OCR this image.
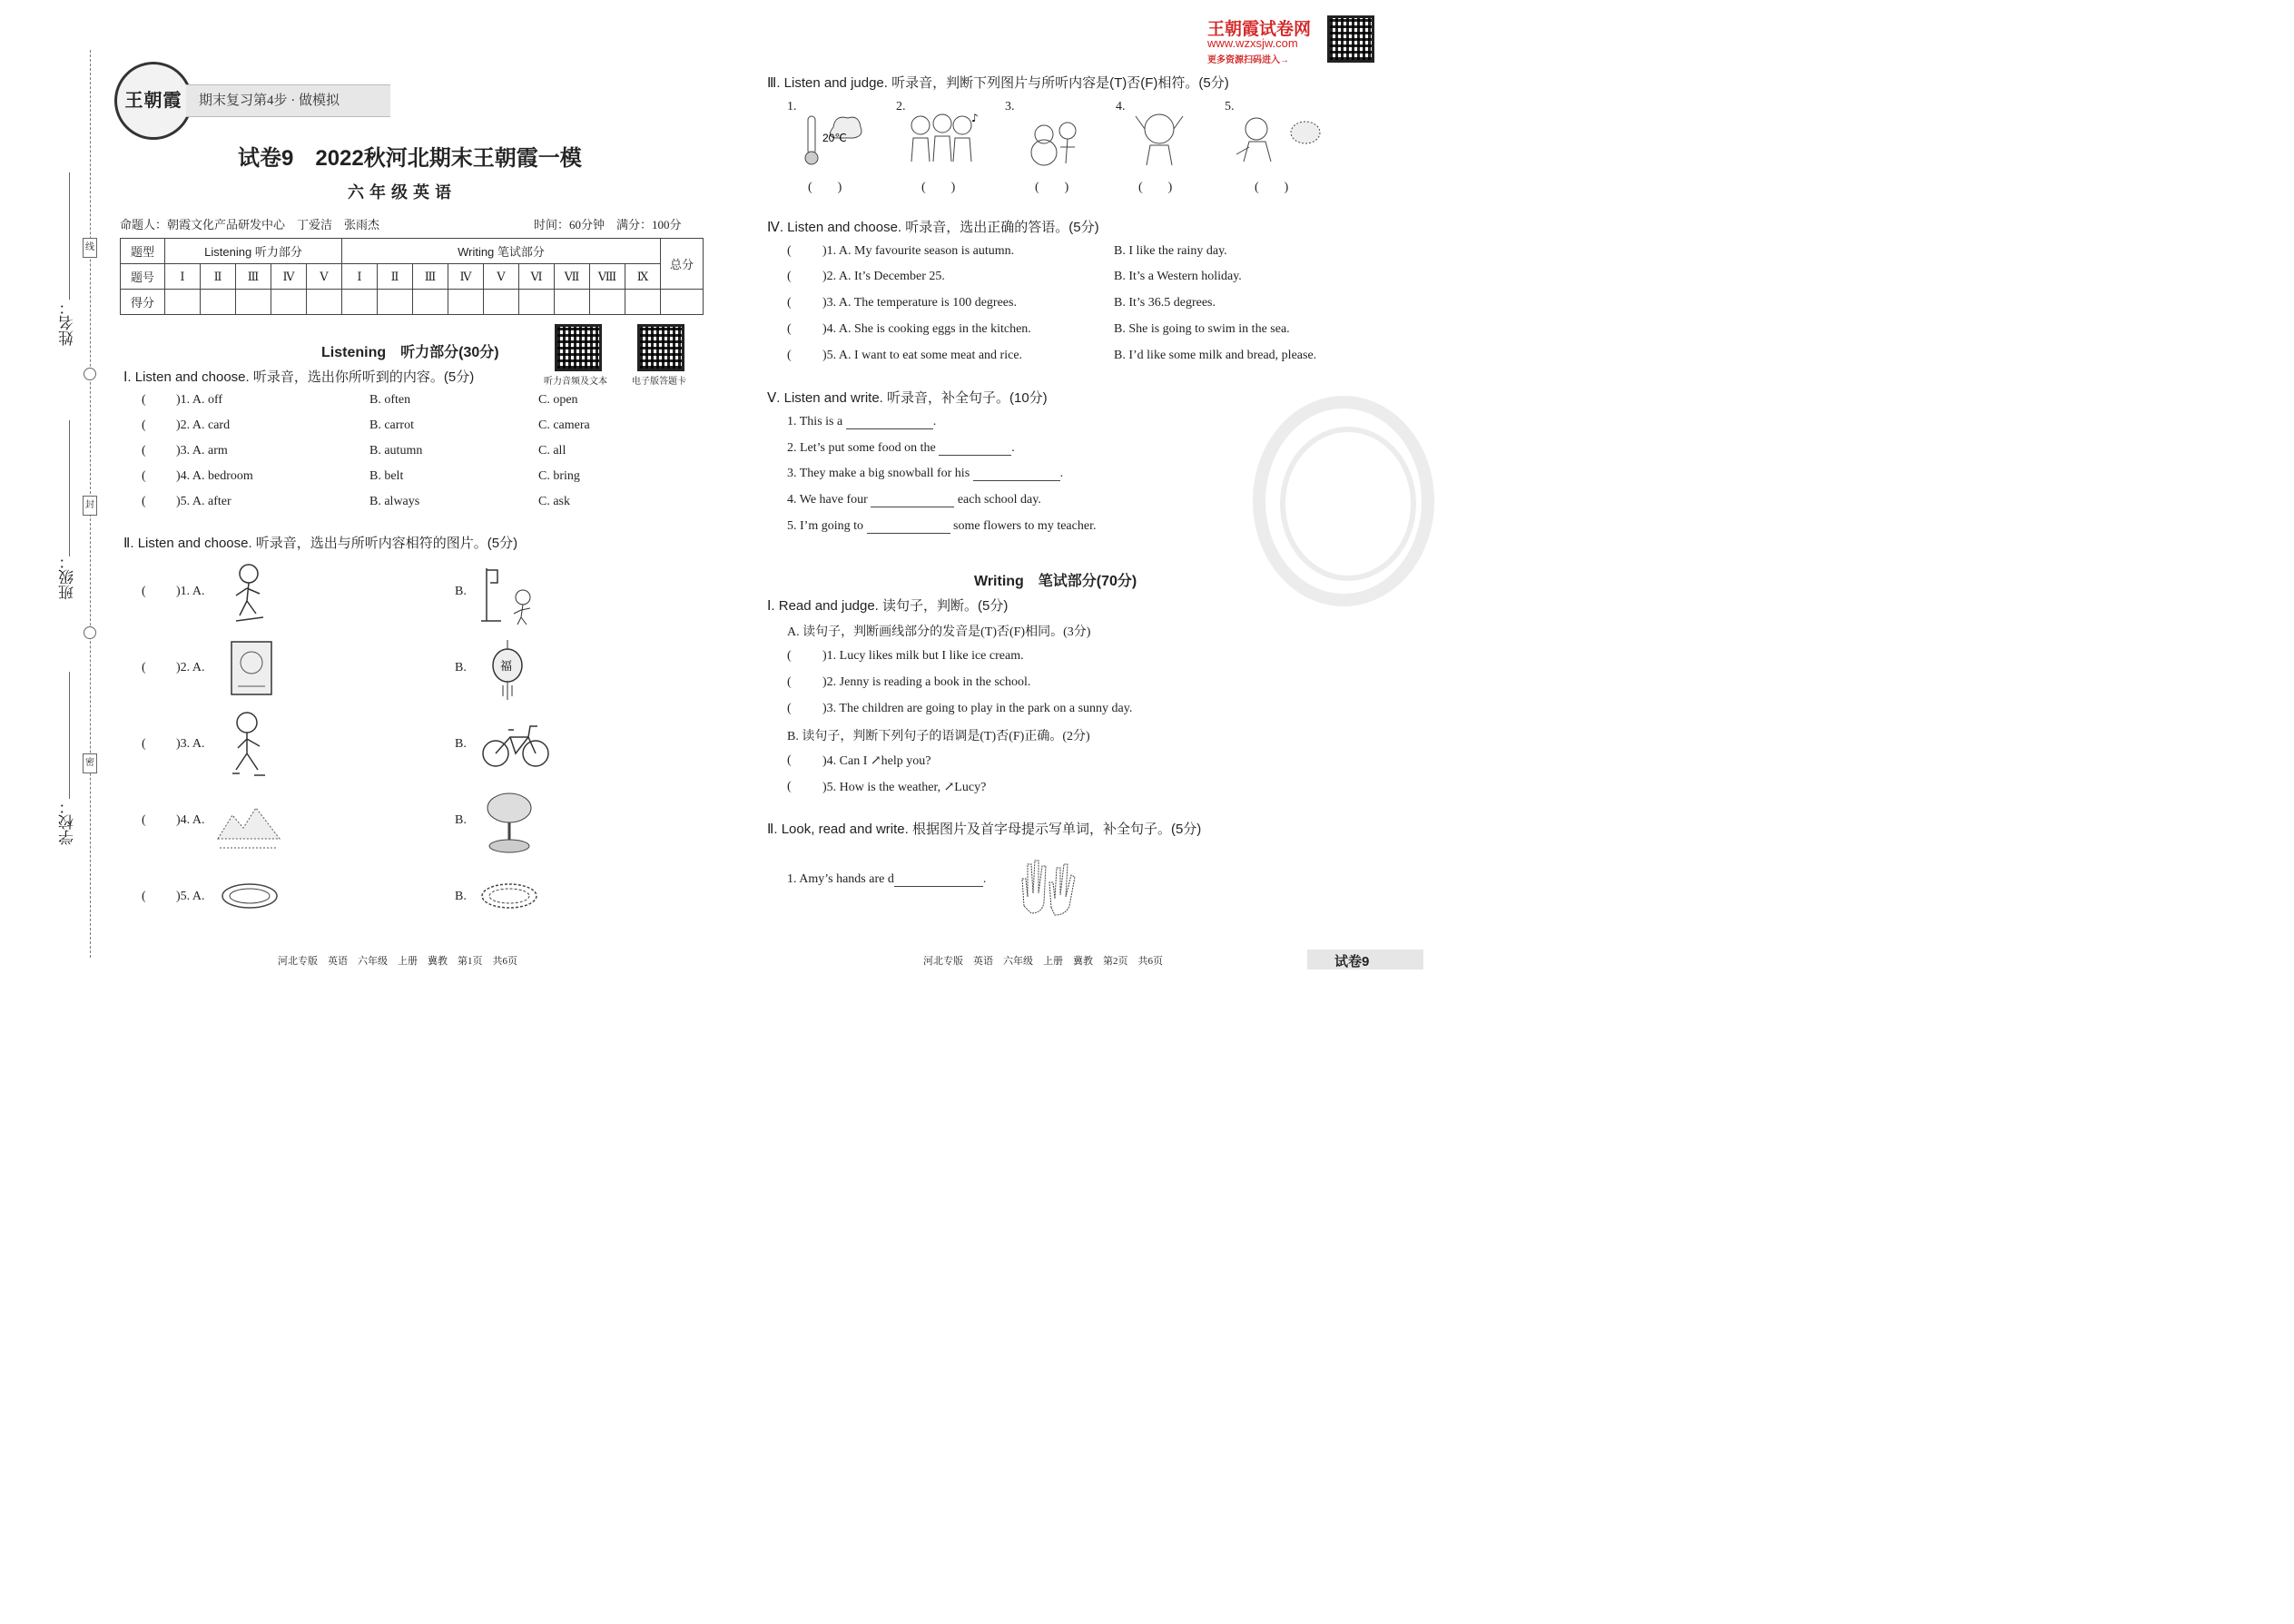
姓名：
班级：
学校：
线
封
密
王朝霞	期末复习第4步 · 做模拟
试卷9　2022秋河北期末王朝霞一模
六年级英语
命题人：朝霞文化产品研发中心　丁爱洁　张雨杰	时间：60分钟　满分：100分
题型	Listening 听力部分					Writing 笔试部分									总分
题号	Ⅰ	Ⅱ	Ⅲ	Ⅳ	Ⅴ	Ⅰ	Ⅱ	Ⅲ	Ⅳ	Ⅴ	Ⅵ	Ⅶ	Ⅷ	Ⅸ	
得分															
Listening　听力部分(30分)
听力音频及文本	电子版答题卡
Ⅰ. Listen and choose. 听录音，选出你所听到的内容。(5分)
( )1. A. off	B. often	C. open
( )2. A. card	B. carrot	C. camera
( )3. A. arm	B. autumn	C. all
( )4. A. bedroom	B. belt	C. bring
( )5. A. after	B. always	C. ask
Ⅱ. Listen and choose. 听录音，选出与所听内容相符的图片。(5分)
( )1. A.	B.
( )2. A.	B.	福
( )3. A.	B.
( )4. A.	B.
( )5. A.	B.
河北专版　英语　六年级　上册　冀教　第1页　共6页
王朝霞试卷网
www.wzxsjw.com
更多资源扫码进入→
Ⅲ. Listen and judge. 听录音，判断下列图片与所听内容是(T)否(F)相符。(5分)
1.	2.	3.	4.	5.
20℃
♪
(　　)	(　　)	(　　)	(　　)	(　　)
Ⅳ. Listen and choose. 听录音，选出正确的答语。(5分)
( )1. A. My favourite season is autumn.	B. I like the rainy day.
( )2. A. It’s December 25.	B. It’s a Western holiday.
( )3. A. The temperature is 100 degrees.	B. It’s 36.5 degrees.
( )4. A. She is cooking eggs in the kitchen.	B. She is going to swim in the sea.
( )5. A. I want to eat some meat and rice.	B. I’d like some milk and bread, please.
Ⅴ. Listen and write. 听录音，补全句子。(10分)
1. This is a	.
2. Let’s put some food on the	.
3. They make a big snowball for his	.
4. We have four	each school day.
5. I’m going to	some flowers to my teacher.
Writing　笔试部分(70分)
Ⅰ. Read and judge. 读句子，判断。(5分)
A. 读句子，判断画线部分的发音是(T)否(F)相同。(3分)
( )1. Lucy likes milk but I like ice cream.
( )2. Jenny is reading a book in the school.
( )3. The children are going to play in the park on a sunny day.
B. 读句子，判断下列句子的语调是(T)否(F)正确。(2分)
( )4. Can I ↗help you?
( )5. How is the weather, ↗Lucy?
Ⅱ. Look, read and write. 根据图片及首字母提示写单词，补全句子。(5分)
1. Amy’s hands are d	.
河北专版　英语　六年级　上册　冀教　第2页　共6页	试卷9
